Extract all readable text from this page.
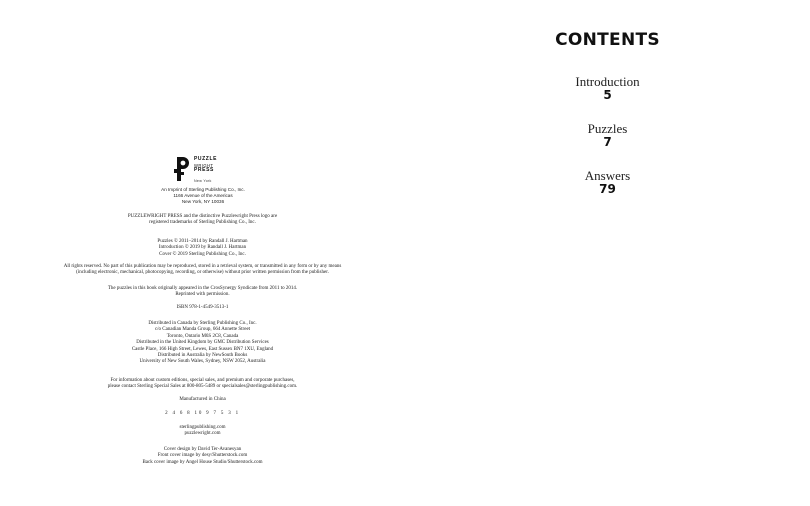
PUZZLE
WRIGHT
PRESS
New York
An Imprint of Sterling Publishing Co., Inc.
1166 Avenue of the Americas
New York, NY 10036
PUZZLEWRIGHT PRESS and the distinctive Puzzlewright Press logo are
registered trademarks of Sterling Publishing Co., Inc.
Puzzles © 2011–2014 by Randall J. Hartman
Introduction © 2019 by Randall J. Hartman
Cover © 2019 Sterling Publishing Co., Inc.
All rights reserved. No part of this publication may be reproduced, stored in a retrieval system, or transmitted in any form or by any means
(including electronic, mechanical, photocopying, recording, or otherwise) without prior written permission from the publisher.
The puzzles in this book originally appeared in the CrosSynergy Syndicate from 2011 to 2014.
Reprinted with permission.
ISBN 978-1-4549-3513-1
Distributed in Canada by Sterling Publishing Co., Inc.
c/o Canadian Manda Group, 664 Annette Street
Toronto, Ontario M6S 2C8, Canada
Distributed in the United Kingdom by GMC Distribution Services
Castle Place, 166 High Street, Lewes, East Sussex BN7 1XU, England
Distributed in Australia by NewSouth Books
University of New South Wales, Sydney, NSW 2052, Australia
For information about custom editions, special sales, and premium and corporate purchases,
please contact Sterling Special Sales at 800-805-5489 or specialsales@sterlingpublishing.com.
Manufactured in China
2 4 6 8 10 9 7 5 3 1
sterlingpublishing.com
puzzlewright.com
Cover design by David Ter-Avanesyan
Front cover image by desy/Shutterstock.com
Back cover image by Angel House Studio/Shutterstock.com
CONTENTS
Introduction
5
Puzzles
7
Answers
79
